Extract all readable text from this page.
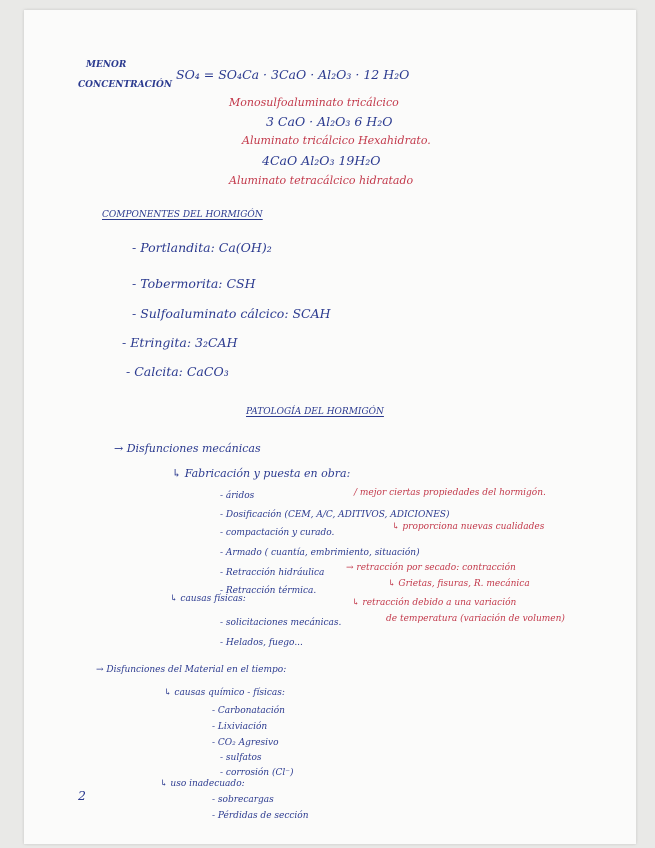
MENOR
CONCENTRACIÓN
SO₄ = SO₄Ca · 3CaO · Al₂O₃ · 12 H₂O
Monosulfoaluminato tricálcico
3 CaO · Al₂O₃ 6 H₂O
Aluminato tricálcico Hexahidrato.
4CaO Al₂O₃ 19H₂O
Aluminato tetracálcico hidratado
COMPONENTES DEL HORMIGÓN
- Portlandita: Ca(OH)₂
- Tobermorita: CSH
- Sulfoaluminato cálcico: SCAH
- Etringita: 3₂CAH
- Calcita: CaCO₃
PATOLOGÍA DEL HORMIGÓN
→ Disfunciones mecánicas
↳ Fabricación y puesta en obra:
- áridos
- Dosificación (CEM, A/C, ADITIVOS, ADICIONES)
- compactación y curado.
- Armado ( cuantía, embrimiento, situación)
- Retracción hidráulica
- Retracción térmica.
/ mejor ciertas propiedades del hormigón.
↳ proporciona nuevas cualidades
→ retracción por secado: contracción
↳ Grietas, fisuras, R. mecánica
↳ retracción debido a una variación
de temperatura (variación de volumen)
↳ causas físicas:
- solicitaciones mecánicas.
- Helados, fuego...
→ Disfunciones del Material en el tiempo:
↳ causas químico - físicas:
- Carbonatación
- Lixiviación
- CO₂ Agresivo
- sulfatos
- corrosión (Cl⁻)
↳ uso inadecuado:
- sobrecargas
- Pérdidas de sección
2
